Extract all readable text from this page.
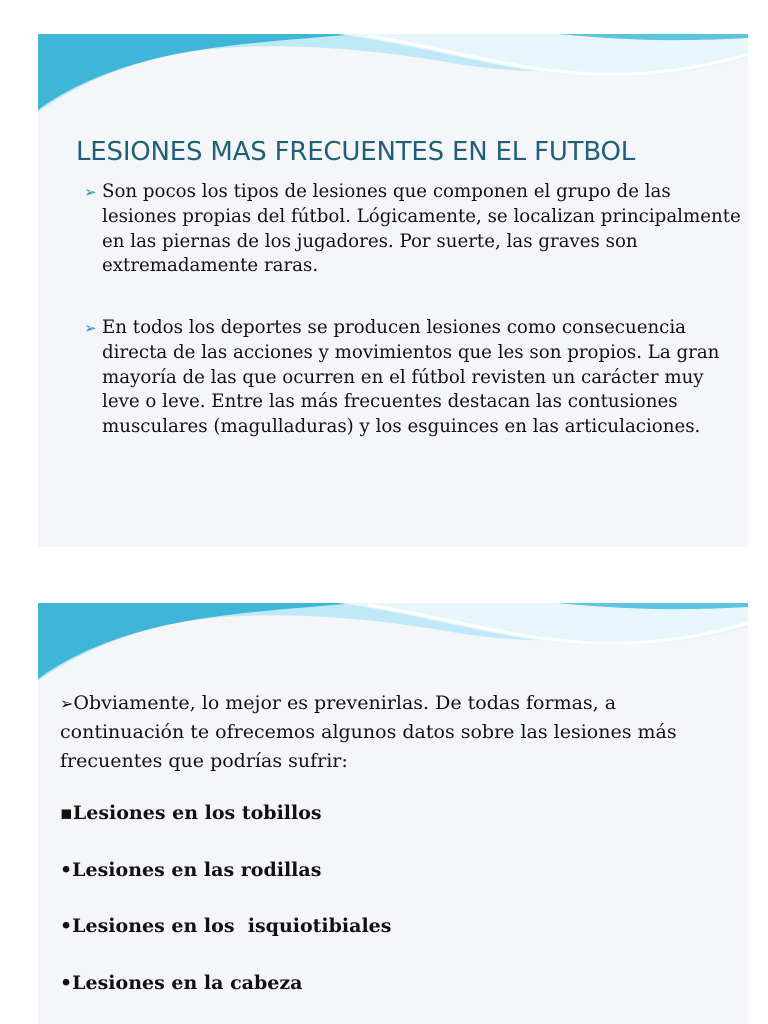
LESIONES MAS FRECUENTES EN EL FUTBOL
➢ Son pocos los tipos de lesiones que componen el grupo de las lesiones propias del fútbol. Lógicamente, se localizan principalmente en las piernas de los jugadores. Por suerte, las graves son extremadamente raras.
➢ En todos los deportes se producen lesiones como consecuencia directa de las acciones y movimientos que les son propios. La gran mayoría de las que ocurren en el fútbol revisten un carácter muy leve o leve. Entre las más frecuentes destacan las contusiones musculares (magulladuras) y los esguinces en las articulaciones.

➢Obviamente, lo mejor es prevenirlas. De todas formas, a continuación te ofrecemos algunos datos sobre las lesiones más frecuentes que podrías sufrir:

▪Lesiones en los tobillos

•Lesiones en las rodillas

•Lesiones en los  isquiotibiales

•Lesiones en la cabeza
